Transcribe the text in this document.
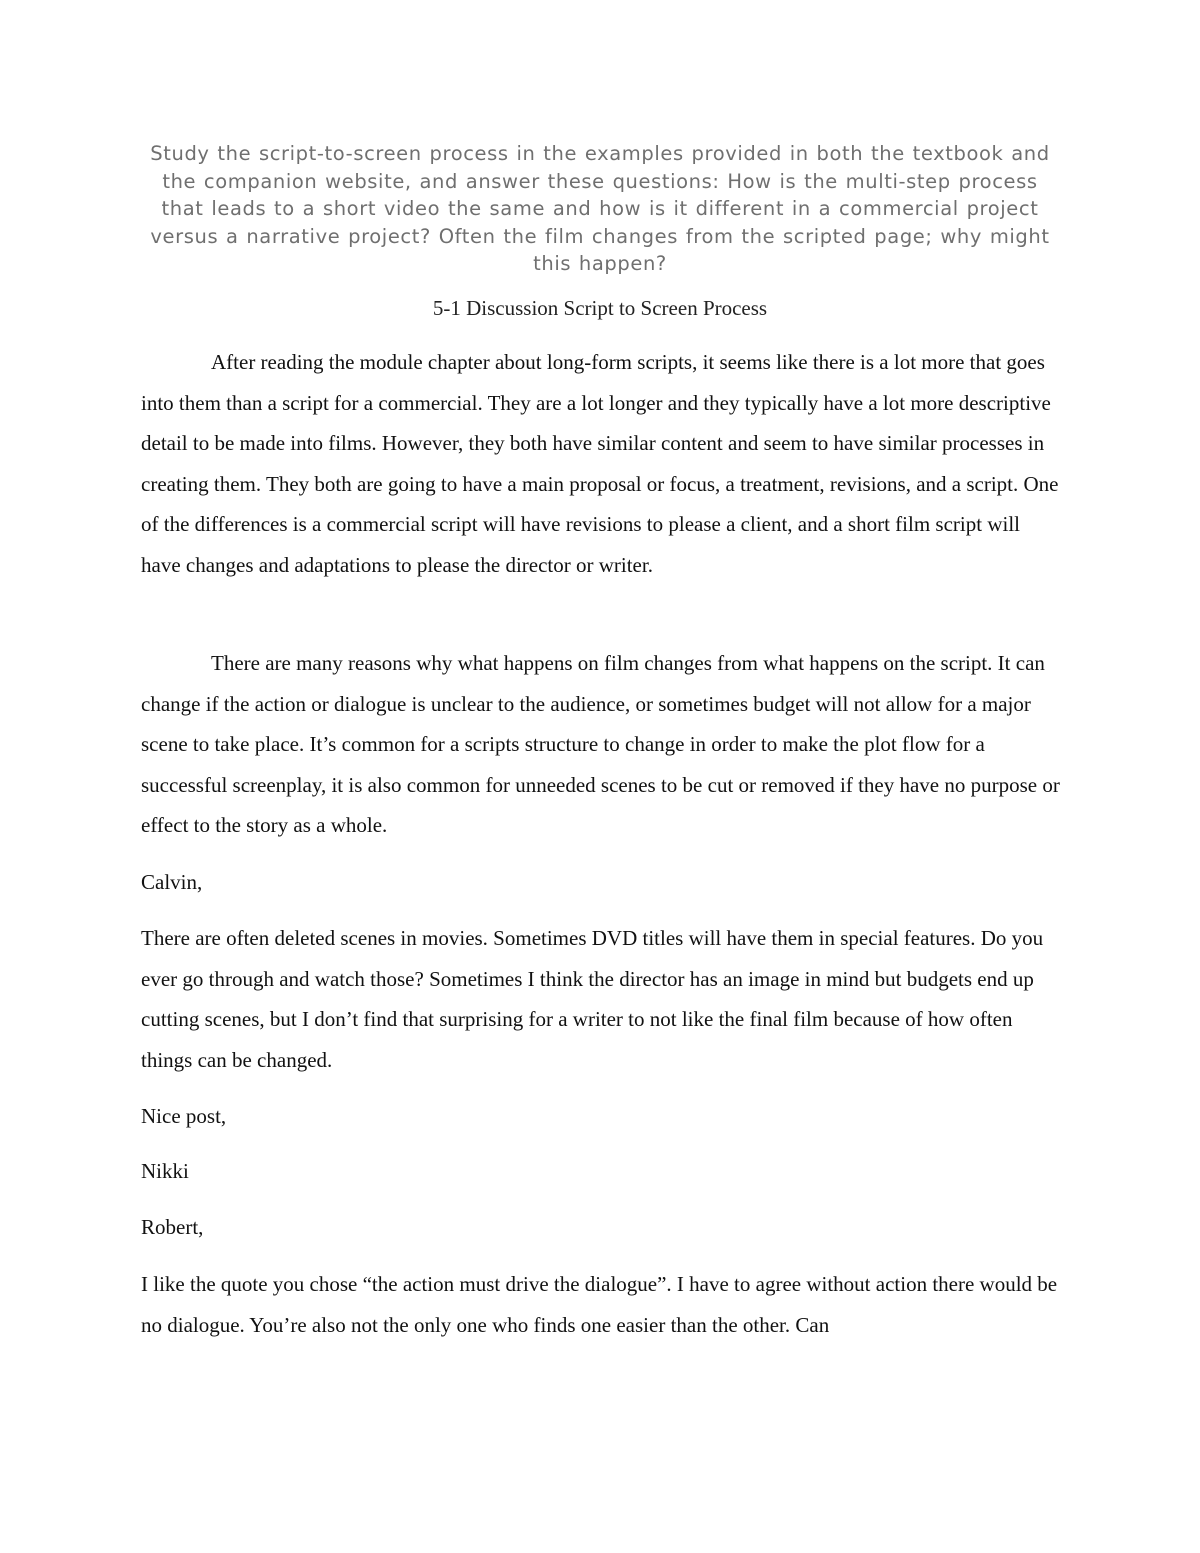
Study the script-to-screen process in the examples provided in both the textbook and the companion website, and answer these questions: How is the multi-step process that leads to a short video the same and how is it different in a commercial project versus a narrative project? Often the film changes from the scripted page; why might this happen?
5-1 Discussion Script to Screen Process

After reading the module chapter about long-form scripts, it seems like there is a lot more that goes into them than a script for a commercial. They are a lot longer and they typically have a lot more descriptive detail to be made into films. However, they both have similar content and seem to have similar processes in creating them. They both are going to have a main proposal or focus, a treatment, revisions, and a script. One of the differences is a commercial script will have revisions to please a client, and a short film script will have changes and adaptations to please the director or writer.

There are many reasons why what happens on film changes from what happens on the script. It can change if the action or dialogue is unclear to the audience, or sometimes budget will not allow for a major scene to take place. It’s common for a scripts structure to change in order to make the plot flow for a successful screenplay, it is also common for unneeded scenes to be cut or removed if they have no purpose or effect to the story as a whole.

Calvin,

There are often deleted scenes in movies. Sometimes DVD titles will have them in special features. Do you ever go through and watch those? Sometimes I think the director has an image in mind but budgets end up cutting scenes, but I don’t find that surprising for a writer to not like the final film because of how often things can be changed.

Nice post,

Nikki

Robert,

I like the quote you chose “the action must drive the dialogue”. I have to agree without action there would be no dialogue. You’re also not the only one who finds one easier than the other. Can
